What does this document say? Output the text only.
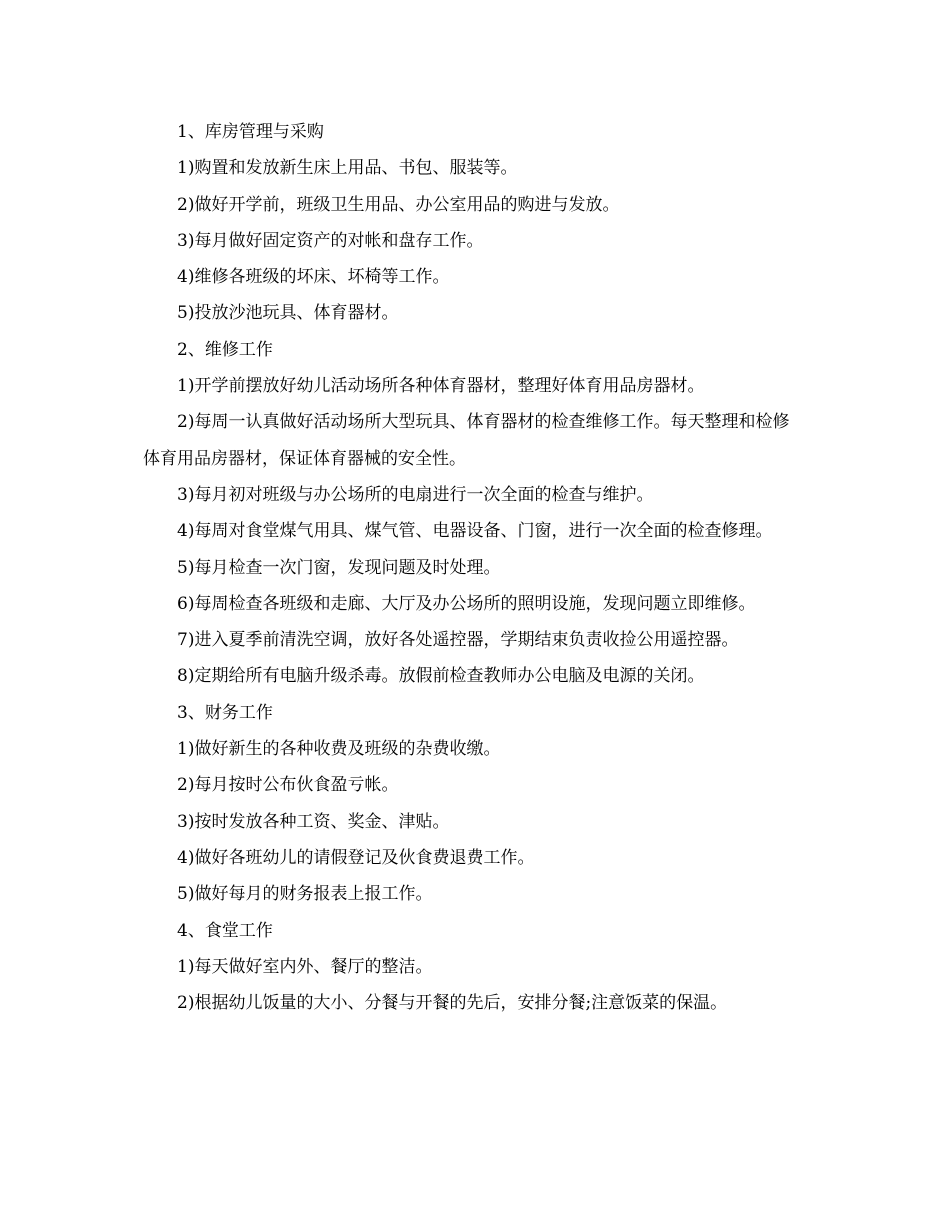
1、库房管理与采购

1)购置和发放新生床上用品、书包、服装等。

2)做好开学前，班级卫生用品、办公室用品的购进与发放。

3)每月做好固定资产的对帐和盘存工作。

4)维修各班级的坏床、坏椅等工作。

5)投放沙池玩具、体育器材。

2、维修工作

1)开学前摆放好幼儿活动场所各种体育器材，整理好体育用品房器材。

2)每周一认真做好活动场所大型玩具、体育器材的检查维修工作。每天整理和检修体育用品房器材，保证体育器械的安全性。

3)每月初对班级与办公场所的电扇进行一次全面的检查与维护。

4)每周对食堂煤气用具、煤气管、电器设备、门窗，进行一次全面的检查修理。

5)每月检查一次门窗，发现问题及时处理。

6)每周检查各班级和走廊、大厅及办公场所的照明设施，发现问题立即维修。

7)进入夏季前清洗空调，放好各处遥控器，学期结束负责收捡公用遥控器。

8)定期给所有电脑升级杀毒。放假前检查教师办公电脑及电源的关闭。

3、财务工作

1)做好新生的各种收费及班级的杂费收缴。

2)每月按时公布伙食盈亏帐。

3)按时发放各种工资、奖金、津贴。

4)做好各班幼儿的请假登记及伙食费退费工作。

5)做好每月的财务报表上报工作。

4、食堂工作

1)每天做好室内外、餐厅的整洁。

2)根据幼儿饭量的大小、分餐与开餐的先后，安排分餐;注意饭菜的保温。
